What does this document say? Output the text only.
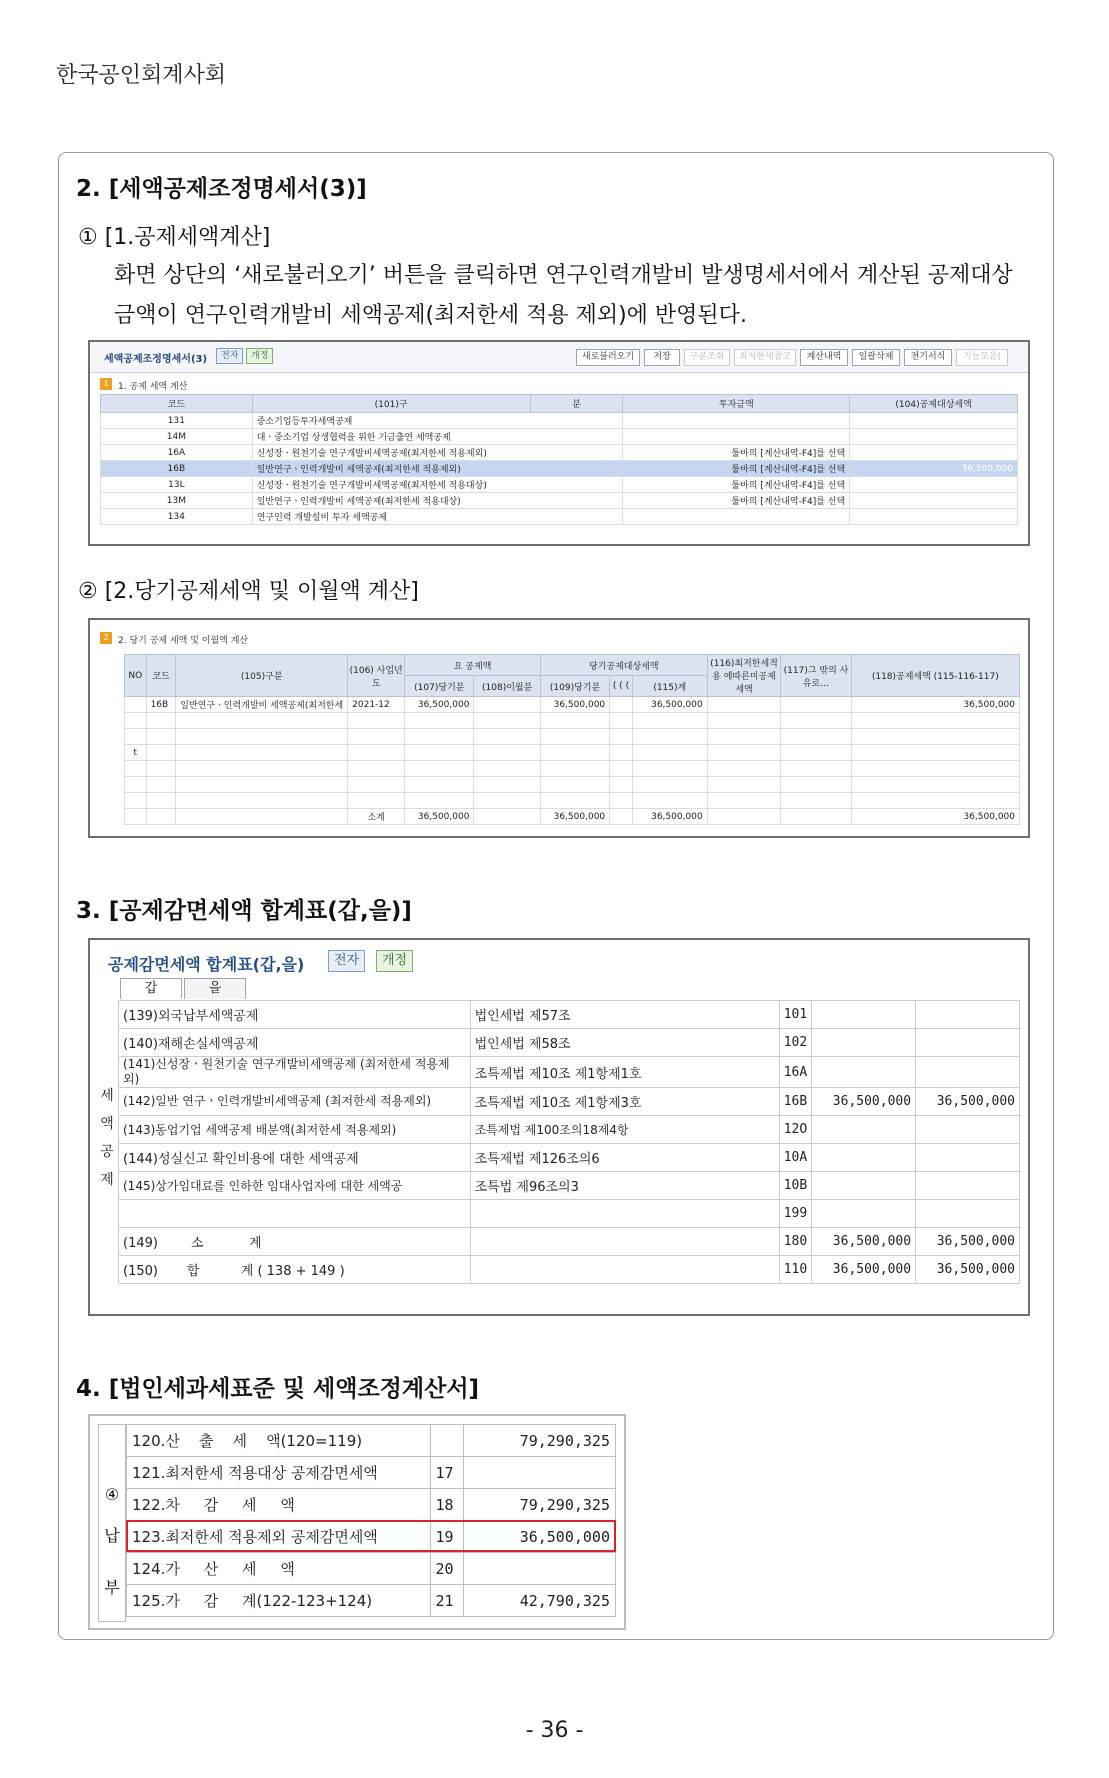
한국공인회계사회
2. [세액공제조정명세서(3)]
① [1.공제세액계산]
화면 상단의 ‘새로불러오기’ 버튼을 클릭하면 연구인력개발비 발생명세서에서 계산된 공제대상금액이 연구인력개발비 세액공제(최저한세 적용 제외)에 반영된다.
세액공제조정명세서(3)	전자	개정	새로불러오기	저장	구분조회	최저한세참고	계산내역	일괄삭제	전기서식	기능모음(
1	1. 공제 세액 계산
코드	(101)구	분	투자금액	(104)공제대상세액
131	중소기업등투자세액공제			
14M	대ㆍ중소기업 상생협력을 위한 기금출연 세액공제			
16A	신성장ㆍ원천기술 연구개발비세액공제(최저한세 적용제외)		툴바의 [계산내역-F4]를 선택	
16B	일반연구ㆍ인력개발비 세액공제(최저한세 적용제외)		툴바의 [계산내역-F4]를 선택	36,500,000
13L	신성장ㆍ원천기술 연구개발비세액공제(최저한세 적용대상)		툴바의 [계산내역-F4]를 선택	
13M	일반연구ㆍ인력개발비 세액공제(최저한세 적용대상)		툴바의 [계산내역-F4]를 선택	
134	연구인력 개발설비 투자 세액공제			
② [2.당기공제세액 및 이월액 계산]
2	2. 당기 공제 세액 및 이월액 계산
NO	코드	(105)구분	(106) 사업년도	요 공제액		당기공제대상세액			(116)최저한세적용 에따른미공제세액	(117)그 밖의 사유로…	(118)공제세액 (115-116-117)
				(107)당기분	(108)이월분	(109)당기분	( ( (	(115)계			
	16B	일반연구ㆍ인력개발비 세액공제(최저한세	2021-12	36,500,000		36,500,000		36,500,000			36,500,000

t											

			소계	36,500,000		36,500,000		36,500,000			36,500,000
3. [공제감면세액 합계표(갑,을)]
공제감면세액 합계표(갑,을)	전자	개정
갑	을
세
액
공
제
(139)외국납부세액공제	법인세법 제57조	101		
(140)재해손실세액공제	법인세법 제58조	102		
(141)신성장ㆍ원천기술 연구개발비세액공제 (최저한세 적용제외)	조특제법 제10조 제1항제1호	16A		
(142)일반 연구ㆍ인력개발비세액공제 (최저한세 적용제외)	조특제법 제10조 제1항제3호	16B	36,500,000	36,500,000
(143)동업기업 세액공제 배분액(최저한세 적용제외)	조특제법 제100조의18제4항	12O		
(144)성실신고 확인비용에 대한 세액공제	조특제법 제126조의6	10A		
(145)상가임대료를 인하한 임대사업자에 대한 세액공	조특법 제96조의3	10B		
		199		
(149)        소           계		180	36,500,000	36,500,000
(150)       합          계 ( 138 + 149 )		110	36,500,000	36,500,000
4. [법인세과세표준 및 세액조정계산서]
④
납
부
120.산    출    세    액(120=119)		79,290,325
121.최저한세 적용대상 공제감면세액	17	
122.차     감     세     액	18	79,290,325
123.최저한세 적용제외 공제감면세액	19	36,500,000
124.가     산     세     액	20	
125.가     감     계(122-123+124)	21	42,790,325
- 36 -
